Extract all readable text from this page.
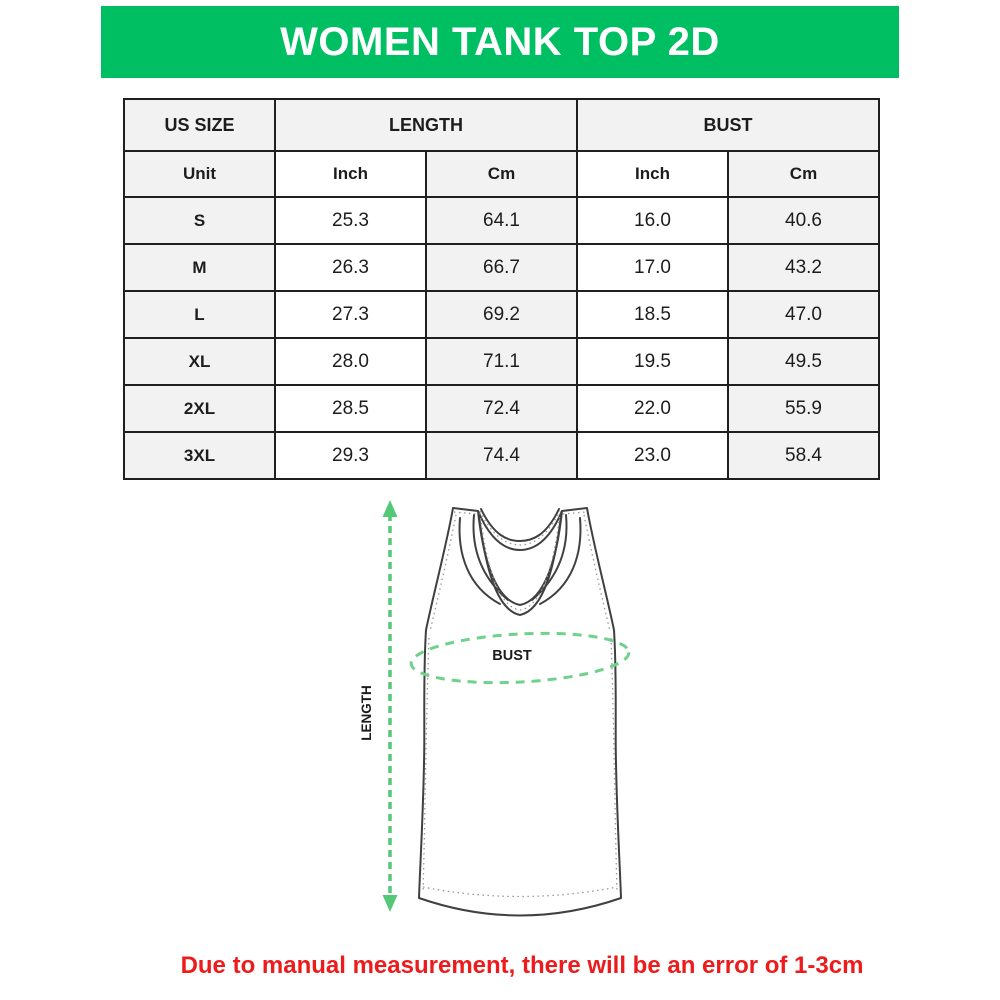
WOMEN TANK TOP 2D
US SIZE	LENGTH		BUST	
Unit	Inch	Cm	Inch	Cm
S	25.3	64.1	16.0	40.6
M	26.3	66.7	17.0	43.2
L	27.3	69.2	18.5	47.0
XL	28.0	71.1	19.5	49.5
2XL	28.5	72.4	22.0	55.9
3XL	29.3	74.4	23.0	58.4
LENGTH
BUST
Due to manual measurement, there will be an error of 1-3cm
